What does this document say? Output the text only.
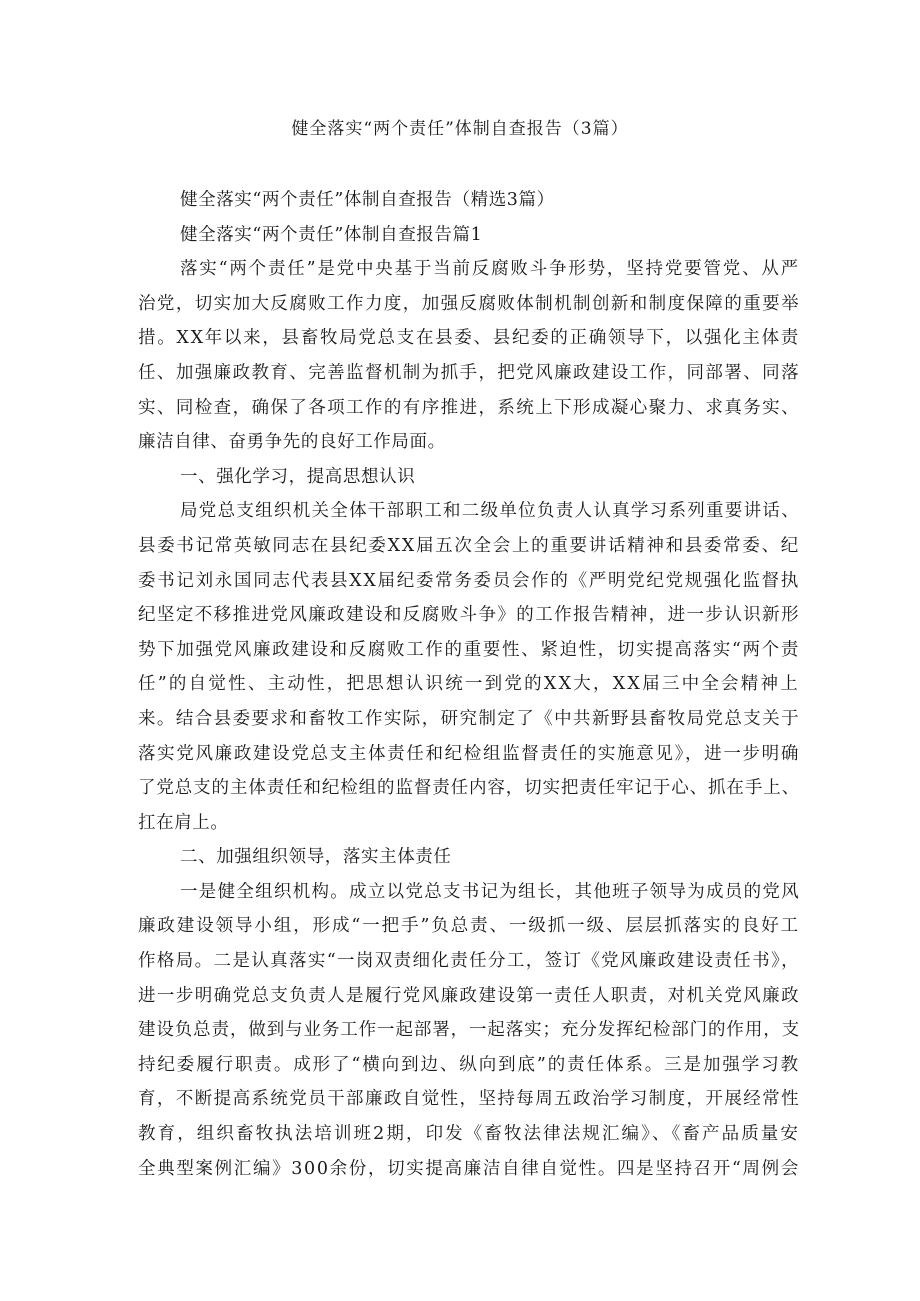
健全落实“两个责任”体制自查报告（3篇）
健全落实“两个责任”体制自查报告（精选3篇）
健全落实“两个责任”体制自查报告篇1
落实“两个责任”是党中央基于当前反腐败斗争形势，坚持党要管党、从严
治党，切实加大反腐败工作力度，加强反腐败体制机制创新和制度保障的重要举
措。XX年以来，县畜牧局党总支在县委、县纪委的正确领导下，以强化主体责
任、加强廉政教育、完善监督机制为抓手，把党风廉政建设工作，同部署、同落
实、同检查，确保了各项工作的有序推进，系统上下形成凝心聚力、求真务实、
廉洁自律、奋勇争先的良好工作局面。
一、强化学习，提高思想认识
局党总支组织机关全体干部职工和二级单位负责人认真学习系列重要讲话、
县委书记常英敏同志在县纪委XX届五次全会上的重要讲话精神和县委常委、纪
委书记刘永国同志代表县XX届纪委常务委员会作的《严明党纪党规强化监督执
纪坚定不移推进党风廉政建设和反腐败斗争》的工作报告精神，进一步认识新形
势下加强党风廉政建设和反腐败工作的重要性、紧迫性，切实提高落实“两个责
任”的自觉性、主动性，把思想认识统一到党的XX大，XX届三中全会精神上
来。结合县委要求和畜牧工作实际，研究制定了《中共新野县畜牧局党总支关于
落实党风廉政建设党总支主体责任和纪检组监督责任的实施意见》，进一步明确
了党总支的主体责任和纪检组的监督责任内容，切实把责任牢记于心、抓在手上、
扛在肩上。
二、加强组织领导，落实主体责任
一是健全组织机构。成立以党总支书记为组长，其他班子领导为成员的党风
廉政建设领导小组，形成“一把手”负总责、一级抓一级、层层抓落实的良好工
作格局。二是认真落实“一岗双责细化责任分工，签订《党风廉政建设责任书》，
进一步明确党总支负责人是履行党风廉政建设第一责任人职责，对机关党风廉政
建设负总责，做到与业务工作一起部署，一起落实；充分发挥纪检部门的作用，支
持纪委履行职责。成形了“横向到边、纵向到底”的责任体系。三是加强学习教
育，不断提高系统党员干部廉政自觉性，坚持每周五政治学习制度，开展经常性
教育，组织畜牧执法培训班2期，印发《畜牧法律法规汇编》、《畜产品质量安
全典型案例汇编》300余份，切实提高廉洁自律自觉性。四是坚持召开“周例会
